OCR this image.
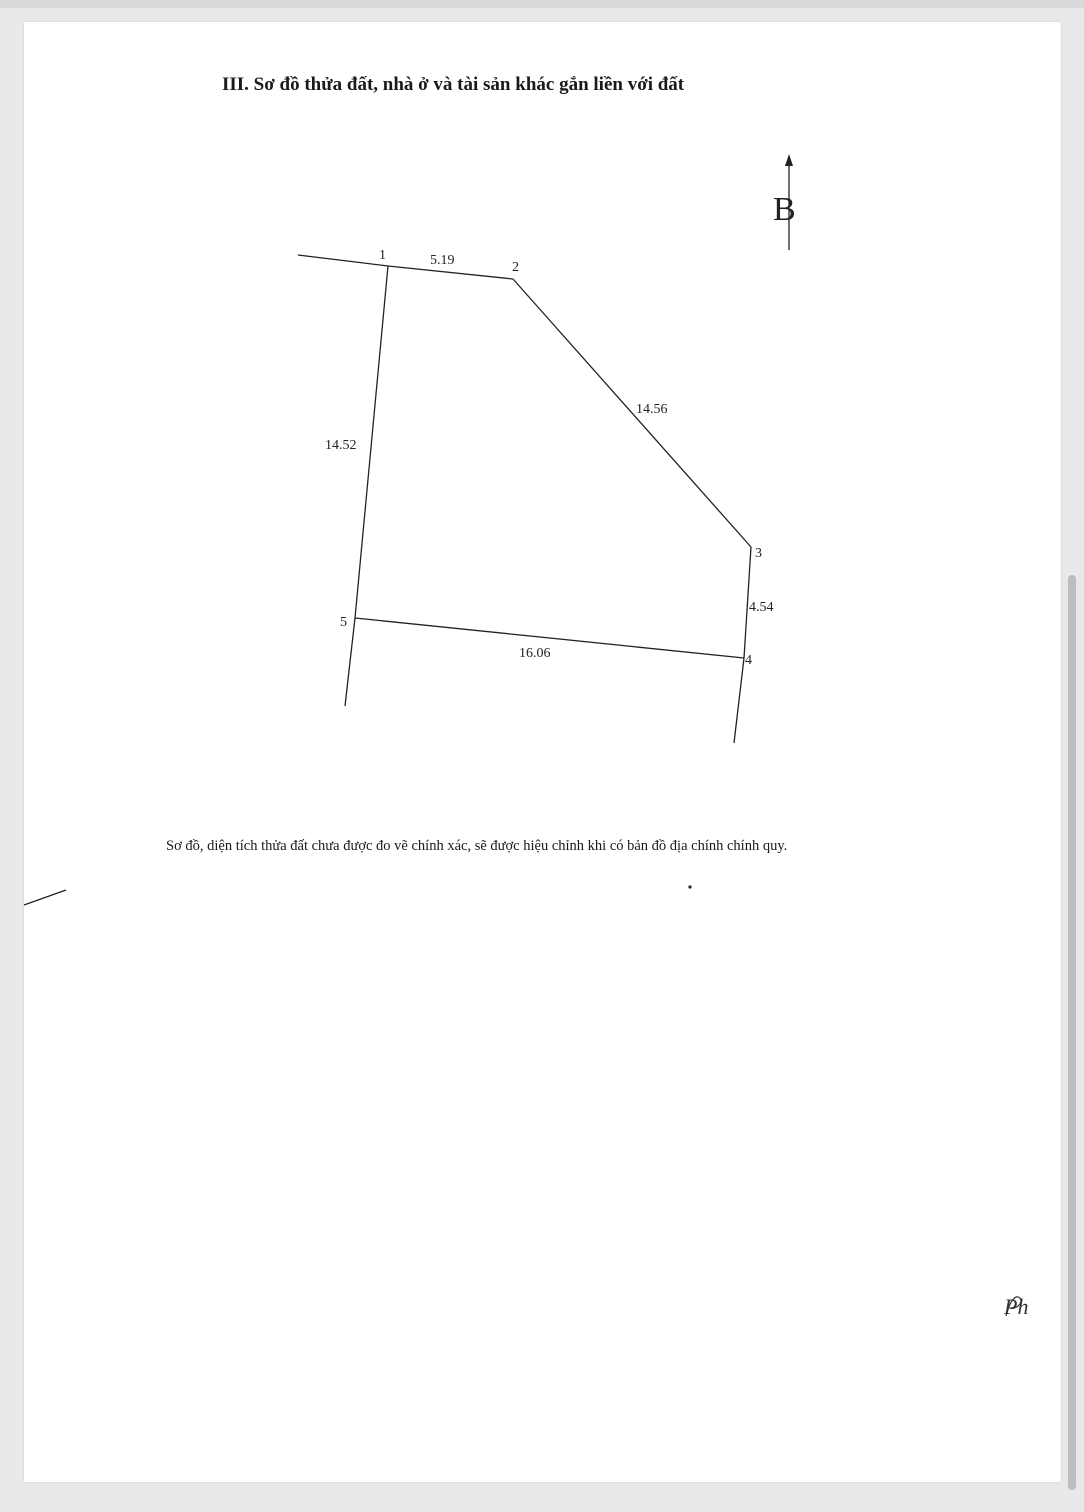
III. Sơ đồ thửa đất, nhà ở và tài sản khác gắn liền với đất
B
1
2
3
4
5
5.19
14.56
4.54
16.06
14.52
Ph

Sơ đồ, diện tích thửa đất chưa được đo vẽ chính xác, sẽ được hiệu chỉnh khi có bản đồ địa chính chính quy.
